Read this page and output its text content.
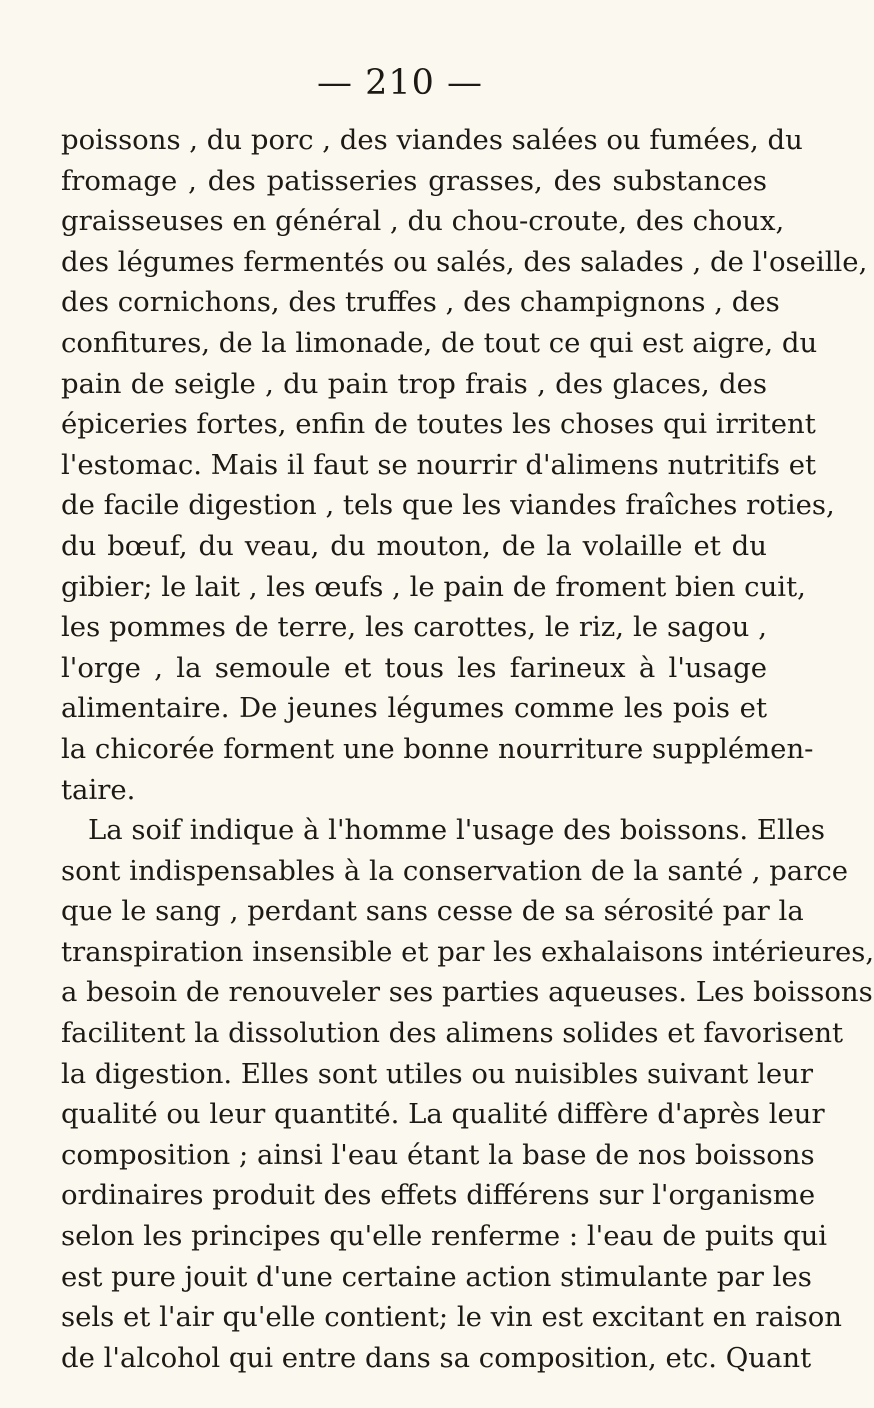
— 210 —
poissons , du porc , des viandes salées ou fumées, du
fromage , des patisseries grasses, des substances
graisseuses en général , du chou-croute, des choux,
des légumes fermentés ou salés, des salades , de l'oseille,
des cornichons, des truffes , des champignons , des
confitures, de la limonade, de tout ce qui est aigre, du
pain de seigle , du pain trop frais , des glaces, des
épiceries fortes, enfin de toutes les choses qui irritent
l'estomac. Mais il faut se nourrir d'alimens nutritifs et
de facile digestion , tels que les viandes fraîches roties,
du bœuf, du veau, du mouton, de la volaille et du
gibier; le lait , les œufs , le pain de froment bien cuit,
les pommes de terre, les carottes, le riz, le sagou ,
l'orge , la semoule et tous les farineux à l'usage
alimentaire. De jeunes légumes comme les pois et
la chicorée forment une bonne nourriture supplémen-
taire.
La soif indique à l'homme l'usage des boissons. Elles
sont indispensables à la conservation de la santé , parce
que le sang , perdant sans cesse de sa sérosité par la
transpiration insensible et par les exhalaisons intérieures,
a besoin de renouveler ses parties aqueuses. Les boissons
facilitent la dissolution des alimens solides et favorisent
la digestion. Elles sont utiles ou nuisibles suivant leur
qualité ou leur quantité. La qualité diffère d'après leur
composition ; ainsi l'eau étant la base de nos boissons
ordinaires produit des effets différens sur l'organisme
selon les principes qu'elle renferme : l'eau de puits qui
est pure jouit d'une certaine action stimulante par les
sels et l'air qu'elle contient; le vin est excitant en raison
de l'alcohol qui entre dans sa composition, etc. Quant
